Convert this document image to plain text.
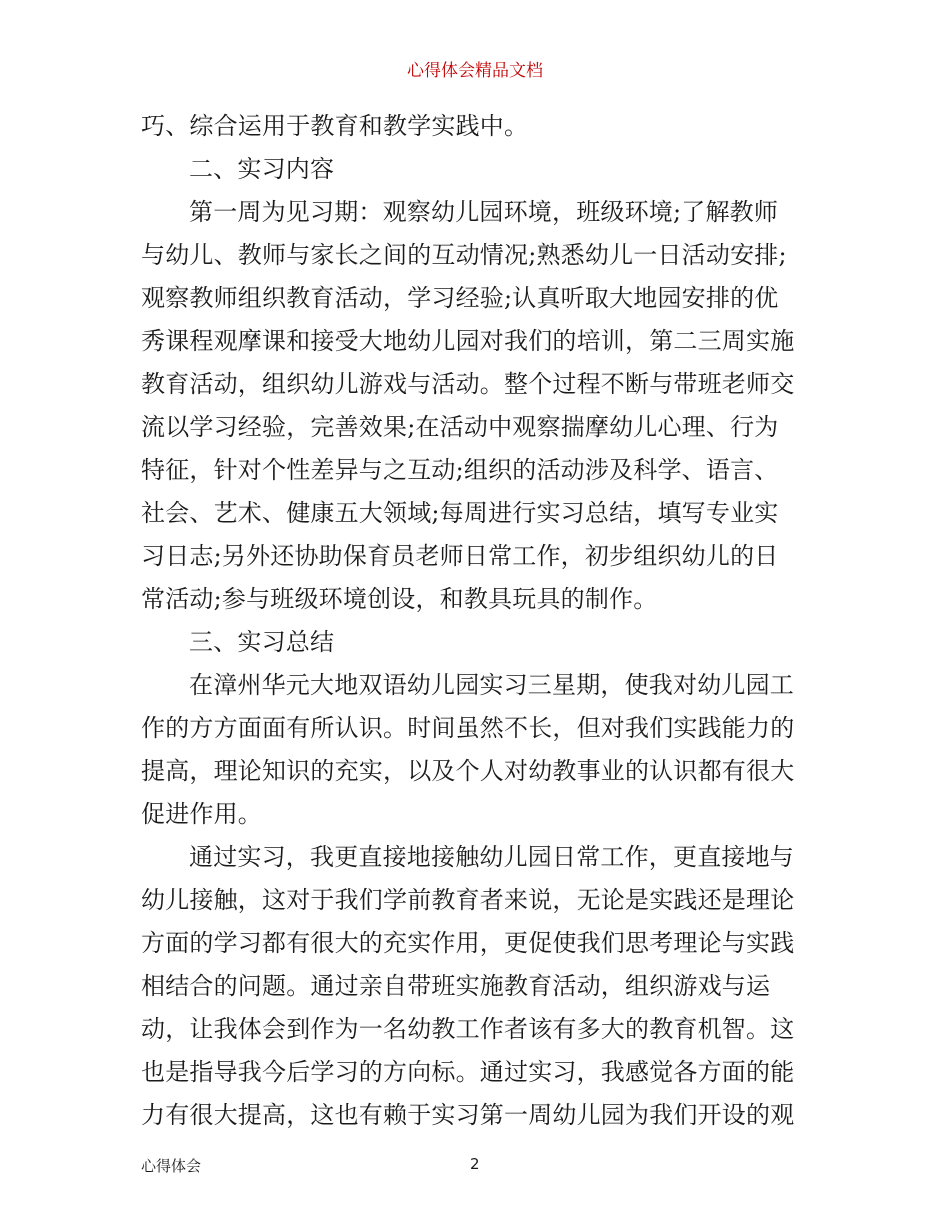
心得体会精品文档
巧、综合运用于教育和教学实践中。
二、实习内容
第一周为见习期：观察幼儿园环境，班级环境;了解教师
与幼儿、教师与家长之间的互动情况;熟悉幼儿一日活动安排;
观察教师组织教育活动，学习经验;认真听取大地园安排的优
秀课程观摩课和接受大地幼儿园对我们的培训，第二三周实施
教育活动，组织幼儿游戏与活动。整个过程不断与带班老师交
流以学习经验，完善效果;在活动中观察揣摩幼儿心理、行为
特征，针对个性差异与之互动;组织的活动涉及科学、语言、
社会、艺术、健康五大领域;每周进行实习总结，填写专业实
习日志;另外还协助保育员老师日常工作，初步组织幼儿的日
常活动;参与班级环境创设，和教具玩具的制作。
三、实习总结
在漳州华元大地双语幼儿园实习三星期，使我对幼儿园工
作的方方面面有所认识。时间虽然不长，但对我们实践能力的
提高，理论知识的充实，以及个人对幼教事业的认识都有很大
促进作用。
通过实习，我更直接地接触幼儿园日常工作，更直接地与
幼儿接触，这对于我们学前教育者来说，无论是实践还是理论
方面的学习都有很大的充实作用，更促使我们思考理论与实践
相结合的问题。通过亲自带班实施教育活动，组织游戏与运
动，让我体会到作为一名幼教工作者该有多大的教育机智。这
也是指导我今后学习的方向标。通过实习，我感觉各方面的能
力有很大提高，这也有赖于实习第一周幼儿园为我们开设的观
心得体会	2
